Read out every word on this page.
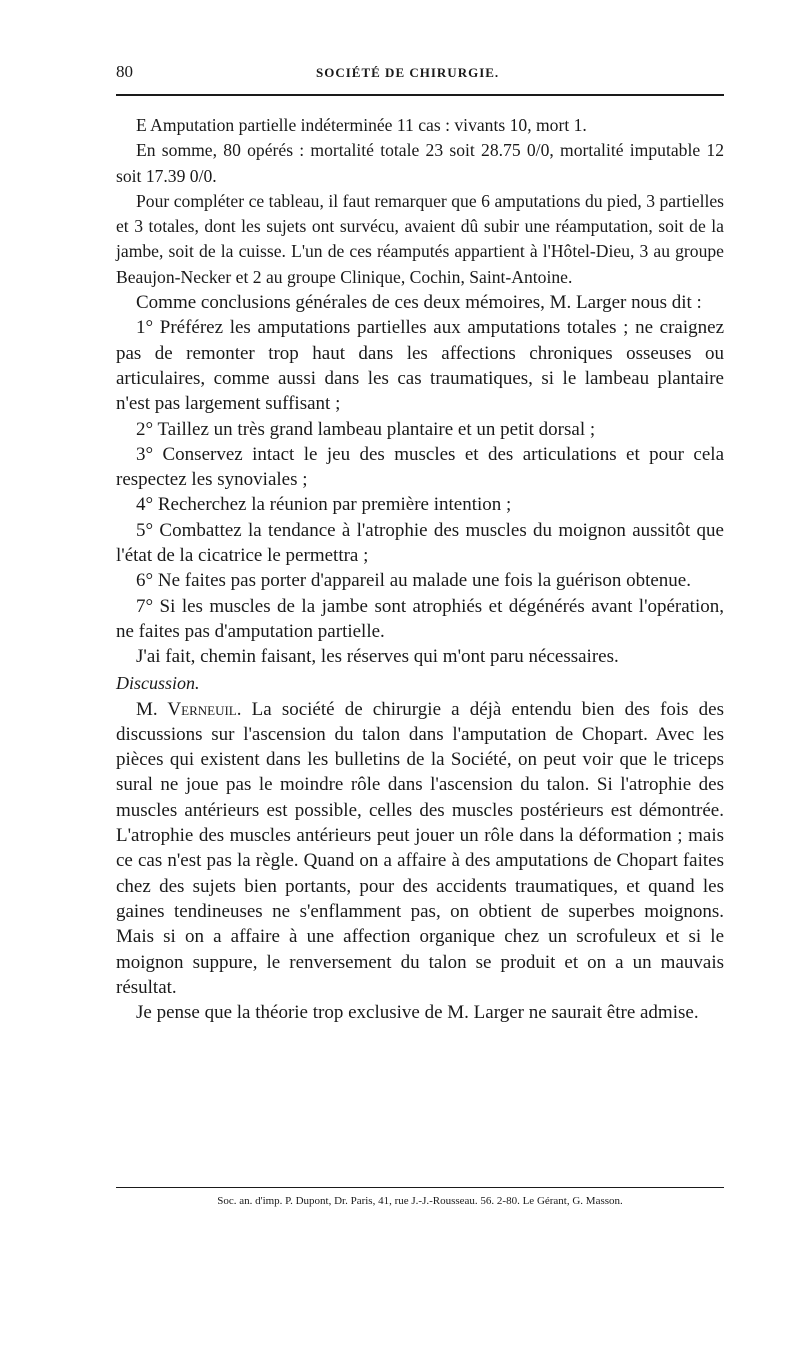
80	SOCIÉTÉ DE CHIRURGIE.

E Amputation partielle indéterminée 11 cas : vivants 10, mort 1.

En somme, 80 opérés : mortalité totale 23 soit 28.75 0/0, mortalité imputable 12 soit 17.39 0/0.

Pour compléter ce tableau, il faut remarquer que 6 amputations du pied, 3 partielles et 3 totales, dont les sujets ont survécu, avaient dû subir une réamputation, soit de la jambe, soit de la cuisse. L'un de ces réamputés appartient à l'Hôtel-Dieu, 3 au groupe Beaujon-Necker et 2 au groupe Clinique, Cochin, Saint-Antoine.

Comme conclusions générales de ces deux mémoires, M. Larger nous dit :

1° Préférez les amputations partielles aux amputations totales ; ne craignez pas de remonter trop haut dans les affections chroniques osseuses ou articulaires, comme aussi dans les cas traumatiques, si le lambeau plantaire n'est pas largement suffisant ;

2° Taillez un très grand lambeau plantaire et un petit dorsal ;

3° Conservez intact le jeu des muscles et des articulations et pour cela respectez les synoviales ;

4° Recherchez la réunion par première intention ;

5° Combattez la tendance à l'atrophie des muscles du moignon aussitôt que l'état de la cicatrice le permettra ;

6° Ne faites pas porter d'appareil au malade une fois la guérison obtenue.

7° Si les muscles de la jambe sont atrophiés et dégénérés avant l'opération, ne faites pas d'amputation partielle.

J'ai fait, chemin faisant, les réserves qui m'ont paru nécessaires.

Discussion.

M. Verneuil. La société de chirurgie a déjà entendu bien des fois des discussions sur l'ascension du talon dans l'amputation de Chopart. Avec les pièces qui existent dans les bulletins de la Société, on peut voir que le triceps sural ne joue pas le moindre rôle dans l'ascension du talon. Si l'atrophie des muscles antérieurs est possible, celles des muscles postérieurs est démontrée. L'atrophie des muscles antérieurs peut jouer un rôle dans la déformation ; mais ce cas n'est pas la règle. Quand on a affaire à des amputations de Chopart faites chez des sujets bien portants, pour des accidents traumatiques, et quand les gaines tendineuses ne s'enflamment pas, on obtient de superbes moignons. Mais si on a affaire à une affection organique chez un scrofuleux et si le moignon suppure, le renversement du talon se produit et on a un mauvais résultat.

Je pense que la théorie trop exclusive de M. Larger ne saurait être admise.

Soc. an. d'imp. P. Dupont, Dr. Paris, 41, rue J.-J.-Rousseau. 56. 2-80. Le Gérant, G. Masson.
